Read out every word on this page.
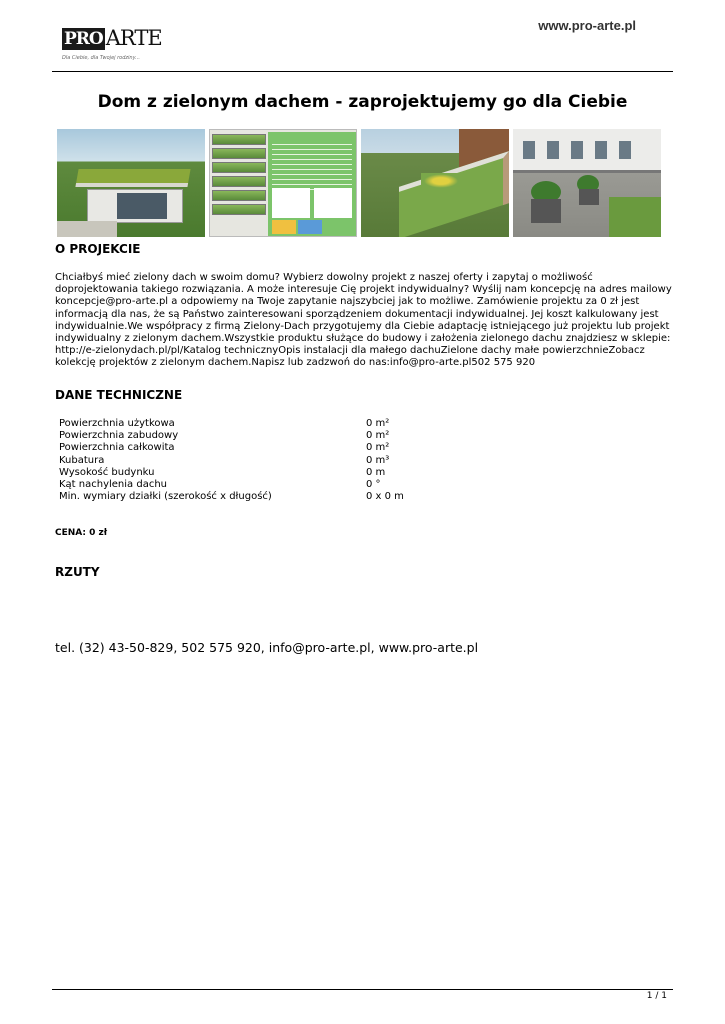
PRO ARTE
Dla Ciebie, dla Twojej rodziny...
www.pro-arte.pl
Dom z zielonym dachem - zaprojektujemy go dla Ciebie
O PROJEKCIE

Chciałbyś mieć zielony dach w swoim domu? Wybierz dowolny projekt z naszej oferty i zapytaj o możliwość doprojektowania takiego rozwiązania. A może interesuje Cię projekt indywidualny? Wyślij nam koncepcję na adres mailowy koncepcje@pro-arte.pl a odpowiemy na Twoje zapytanie najszybciej jak to możliwe. Zamówienie projektu za 0 zł jest informacją dla nas, że są Państwo zainteresowani sporządzeniem dokumentacji indywidualnej. Jej koszt kalkulowany jest indywidualnie.We współpracy z firmą Zielony-Dach przygotujemy dla Ciebie adaptację istniejącego już projektu lub projekt indywidualny z zielonym dachem.Wszystkie produktu służące do budowy i założenia zielonego dachu znajdziesz w sklepie: http://e-zielonydach.pl/pl/Katalog technicznyOpis instalacji dla małego dachuZielone dachy małe powierzchnieZobacz kolekcję projektów z zielonym dachem.Napisz lub zadzwoń do nas:info@pro-arte.pl502 575 920

DANE TECHNICZNE
Powierzchnia użytkowa	0 m²
Powierzchnia zabudowy	0 m²
Powierzchnia całkowita	0 m²
Kubatura	0 m³
Wysokość budynku	0 m
Kąt nachylenia dachu	0 °
Min. wymiary działki (szerokość x długość)	0 x 0 m
CENA: 0 zł
RZUTY
tel. (32) 43-50-829, 502 575 920, info@pro-arte.pl, www.pro-arte.pl
1 / 1
